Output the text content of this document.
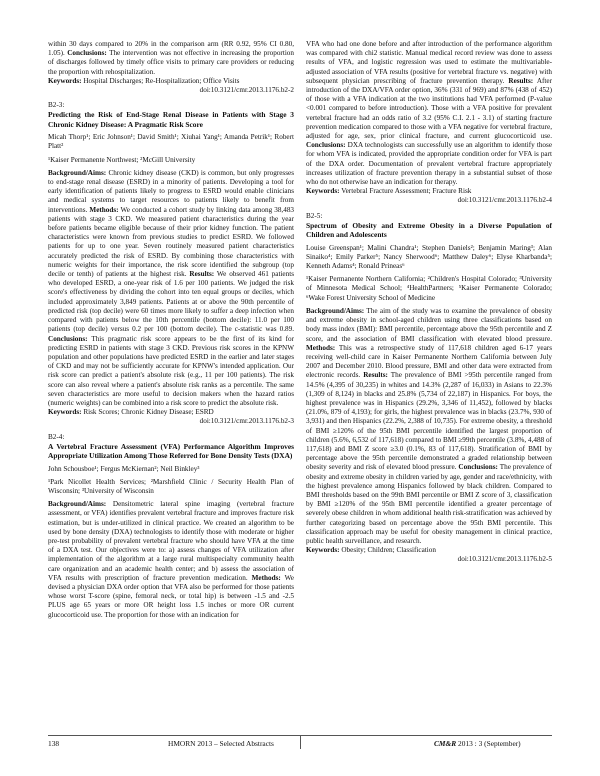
within 30 days compared to 20% in the comparison arm (RR 0.92, 95% CI 0.80, 1.05). Conclusions: The intervention was not effective in increasing the proportion of discharges followed by timely office visits to primary care providers or reducing the proportion with rehospitalization.

Keywords: Hospital Discharges; Re-Hospitalization; Office Visits

doi:10.3121/cmr.2013.1176.b2-2

B2-3:

Predicting the Risk of End-Stage Renal Disease in Patients with Stage 3 Chronic Kidney Disease: A Pragmatic Risk Score

Micah Thorp¹; Eric Johnson¹; David Smith¹; Xiuhai Yang¹; Amanda Petrik¹; Robert Platt²

¹Kaiser Permanente Northwest; ²McGill University

Background/Aims: Chronic kidney disease (CKD) is common, but only progresses to end-stage renal disease (ESRD) in a minority of patients. Developing a tool for early identification of patients likely to progress to ESRD would enable clinicians and medical systems to target resources to patients likely to benefit from interventions. Methods: We conducted a cohort study by linking data among 38,483 patients with stage 3 CKD. We measured patient characteristics during the year before patients became eligible because of their prior kidney function. The patient characteristics were known from previous studies to predict ESRD. We followed patients for up to one year. Seven routinely measured patient characteristics accurately predicted the risk of ESRD. By combining those characteristics with numeric weights for their importance, the risk score identified the subgroup (top decile or tenth) of patients at the highest risk. Results: We observed 461 patients who developed ESRD, a one-year risk of 1.6 per 100 patients. We judged the risk score's effectiveness by dividing the cohort into ten equal groups or deciles, which included approximately 3,849 patients. Patients at or above the 90th percentile of predicted risk (top decile) were 60 times more likely to suffer a deep infection when compared with patients below the 10th percentile (bottom decile): 11.0 per 100 patients (top decile) versus 0.2 per 100 (bottom decile). The c-statistic was 0.89. Conclusions: This pragmatic risk score appears to be the first of its kind for predicting ESRD in patients with stage 3 CKD. Previous risk scores in the KPNW population and other populations have predicted ESRD in the earlier and later stages of CKD and may not be sufficiently accurate for KPNW's intended application. Our risk score can predict a patient's absolute risk (e.g., 11 per 100 patients). The risk score can also reveal where a patient's absolute risk ranks as a percentile. The same seven characteristics are more useful to decision makers when the hazard ratios (numeric weights) can be combined into a risk score to predict the absolute risk.

Keywords: Risk Scores; Chronic Kidney Disease; ESRD

doi:10.3121/cmr.2013.1176.b2-3

B2-4:

A Vertebral Fracture Assessment (VFA) Performance Algorithm Improves Appropriate Utilization Among Those Referred for Bone Density Tests (DXA)

John Schousboe¹; Fergus McKiernan²; Neil Binkley³

¹Park Nicollet Health Services; ²Marshfield Clinic / Security Health Plan of Wisconsin; ³University of Wisconsin

Background/Aims: Densitometric lateral spine imaging (vertebral fracture assessment, or VFA) identifies prevalent vertebral fracture and improves fracture risk estimation, but is under-utilized in clinical practice. We created an algorithm to be used by bone density (DXA) technologists to identify those with moderate or higher pre-test probability of prevalent vertebral fracture who should have VFA at the time of a DXA test. Our objectives were to: a) assess changes of VFA utilization after implementation of the algorithm at a large rural multispecialty community health care organization and an academic health center; and b) assess the association of VFA results with prescription of fracture prevention medication. Methods: We devised a physician DXA order option that VFA also be performed for those patients whose worst T-score (spine, femoral neck, or total hip) is between -1.5 and -2.5 PLUS age 65 years or more OR height loss 1.5 inches or more OR current glucocorticoid use. The proportion for those with an indication for

VFA who had one done before and after introduction of the performance algorithm was compared with chi2 statistic. Manual medical record review was done to assess results of VFA, and logistic regression was used to estimate the multivariable-adjusted association of VFA results (positive for vertebral fracture vs. negative) with subsequent physician prescribing of fracture prevention therapy. Results: After introduction of the DXA/VFA order option, 36% (331 of 969) and 87% (438 of 452) of those with a VFA indication at the two institutions had VFA performed (P-value <0.001 compared to before introduction). Those with a VFA positive for prevalent vertebral fracture had an odds ratio of 3.2 (95% C.I. 2.1 - 3.1) of starting fracture prevention medication compared to those with a VFA negative for vertebral fracture, adjusted for age, sex, prior clinical fracture, and current glucocorticoid use. Conclusions: DXA technologists can successfully use an algorithm to identify those for whom VFA is indicated, provided the appropriate condition order for VFA is part of the DXA order. Documentation of prevalent vertebral fracture appropriately increases utilization of fracture prevention therapy in a substantial subset of those who do not otherwise have an indication for therapy.

Keywords: Vertebral Fracture Assessment; Fracture Risk

doi:10.3121/cmr.2013.1176.b2-4

B2-5:

Spectrum of Obesity and Extreme Obesity in a Diverse Population of Children and Adolescents

Louise Greenspan¹; Malini Chandra¹; Stephen Daniels²; Benjamin Maring³; Alan Sinaiko⁴; Emily Parker⁵; Nancy Sherwood⁶; Matthew Daley⁶; Elyse Kharbanda⁵; Kenneth Adams⁴; Ronald Prineas⁶

¹Kaiser Permanente Northern California; ²Children's Hospital Colorado; ³University of Minnesota Medical School; ⁴HealthPartners; ⁵Kaiser Permanente Colorado; ⁶Wake Forest University School of Medicine

Background/Aims: The aim of the study was to examine the prevalence of obesity and extreme obesity in school-aged children using three classifications based on body mass index (BMI): BMI percentile, percentage above the 95th percentile and Z score, and the association of BMI classification with elevated blood pressure. Methods: This was a retrospective study of 117,618 children aged 6-17 years receiving well-child care in Kaiser Permanente Northern California between July 2007 and December 2010. Blood pressure, BMI and other data were extracted from electronic records. Results: The prevalence of BMI >95th percentile ranged from 14.5% (4,395 of 30,235) in whites and 14.3% (2,287 of 16,033) in Asians to 22.3% (1,309 of 8,124) in blacks and 25.8% (5,734 of 22,187) in Hispanics. For boys, the highest prevalence was in Hispanics (29.2%, 3,346 of 11,452), followed by blacks (21.0%, 879 of 4,193); for girls, the highest prevalence was in blacks (23.7%, 930 of 3,931) and then Hispanics (22.2%, 2,388 of 10,735). For extreme obesity, a threshold of BMI ≥120% of the 95th BMI percentile identified the largest proportion of children (5.6%, 6,532 of 117,618) compared to BMI ≥99th percentile (3.8%, 4,488 of 117,618) and BMI Z score ≥3.0 (0.1%, 83 of 117,618). Stratification of BMI by percentage above the 95th percentile demonstrated a graded relationship between obesity severity and risk of elevated blood pressure. Conclusions: The prevalence of obesity and extreme obesity in children varied by age, gender and race/ethnicity, with the highest prevalence among Hispanics followed by black children. Compared to BMI thresholds based on the 99th BMI percentile or BMI Z score of 3, classification by BMI ≥120% of the 95th BMI percentile identified a greater percentage of severely obese children in whom additional health risk-stratification was achieved by further categorizing based on percentage above the 95th BMI percentile. This classification approach may be useful for obesity management in clinical practice, public health surveillance, and research.

Keywords: Obesity; Children; Classification

doi:10.3121/cmr.2013.1176.b2-5

138	HMORN 2013 – Selected Abstracts	CM&R 2013 : 3 (September)
